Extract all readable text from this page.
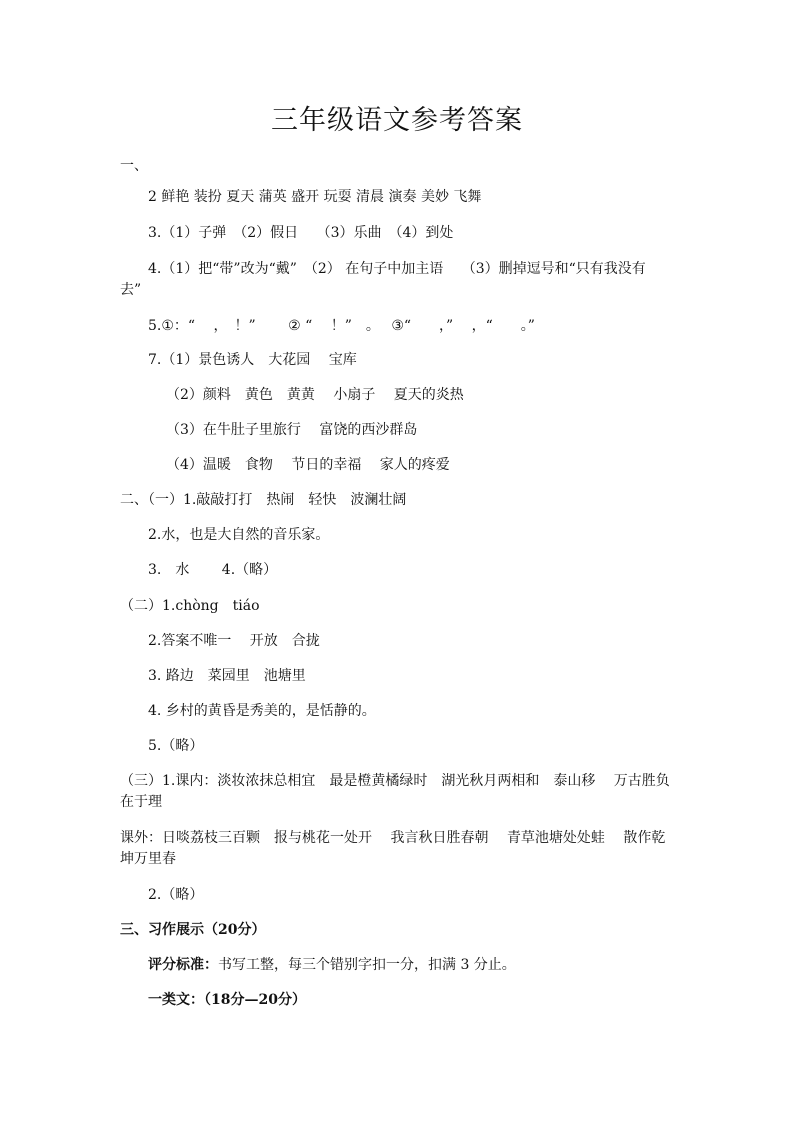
三年级语文参考答案
一、
2 鲜艳 装扮 夏天 蒲英 盛开 玩耍 清晨 演奏 美妙 飞舞
3.（1）子弹　（2）假日　 （3）乐曲　（4）到处
4.（1）把“带”改为“戴”　（2） 在句子中加主语　 （3）删掉逗号和“只有我没有
去”
5.①：“　 ，　！”　　 ② “　 ！”　。　 ③“　　，”　 ，“　　。”
7.（1）景色诱人　大花园　 宝库
（2）颜料　黄色　黄黄　 小扇子　 夏天的炎热
（3）在牛肚子里旅行　 富饶的西沙群岛
（4）温暖　食物　 节日的幸福　 家人的疼爱
二、（一）1.敲敲打打　热闹　轻快　波澜壮阔
2.水，也是大自然的音乐家。
3.　水　　 4.（略）
（二）1.chòng　tiáo
2.答案不唯一　 开放　合拢
3. 路边　菜园里　池塘里
4. 乡村的黄昏是秀美的，是恬静的。
5.（略）
（三）1.课内：淡妆浓抹总相宜　最是橙黄橘绿时　湖光秋月两相和　泰山移　 万古胜负
在于理
课外：日啖荔枝三百颗　报与桃花一处开　 我言秋日胜春朝　 青草池塘处处蛙　 散作乾
坤万里春
2.（略）
三、习作展示（20分）
评分标准：书写工整，每三个错别字扣一分，扣满 3 分止。
一类文：（18分—20分）
